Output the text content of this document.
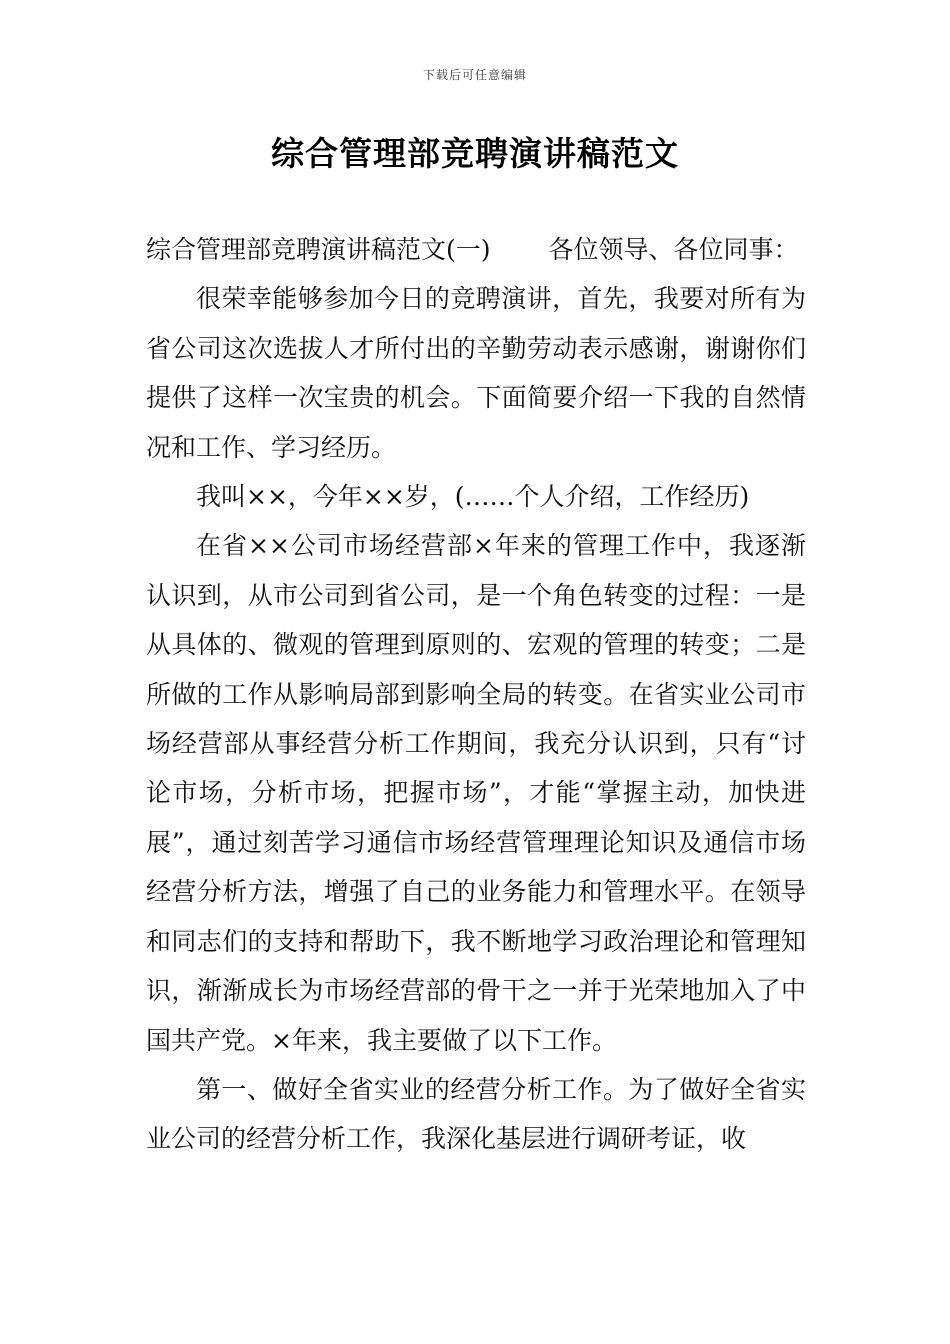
下载后可任意编辑
综合管理部竞聘演讲稿范文

综合管理部竞聘演讲稿范文(一) 各位领导、各位同事：

很荣幸能够参加今日的竞聘演讲，首先，我要对所有为省公司这次选拔人才所付出的辛勤劳动表示感谢，谢谢你们提供了这样一次宝贵的机会。下面简要介绍一下我的自然情况和工作、学习经历。

我叫××，今年××岁，(……个人介绍，工作经历)

在省××公司市场经营部×年来的管理工作中，我逐渐认识到，从市公司到省公司，是一个角色转变的过程：一是从具体的、微观的管理到原则的、宏观的管理的转变；二是所做的工作从影响局部到影响全局的转变。在省实业公司市场经营部从事经营分析工作期间，我充分认识到，只有“讨论市场，分析市场，把握市场”，才能“掌握主动，加快进展”，通过刻苦学习通信市场经营管理理论知识及通信市场经营分析方法，增强了自己的业务能力和管理水平。在领导和同志们的支持和帮助下，我不断地学习政治理论和管理知识，渐渐成长为市场经营部的骨干之一并于光荣地加入了中国共产党。×年来，我主要做了以下工作。

第一、做好全省实业的经营分析工作。为了做好全省实业公司的经营分析工作，我深化基层进行调研考证，收
